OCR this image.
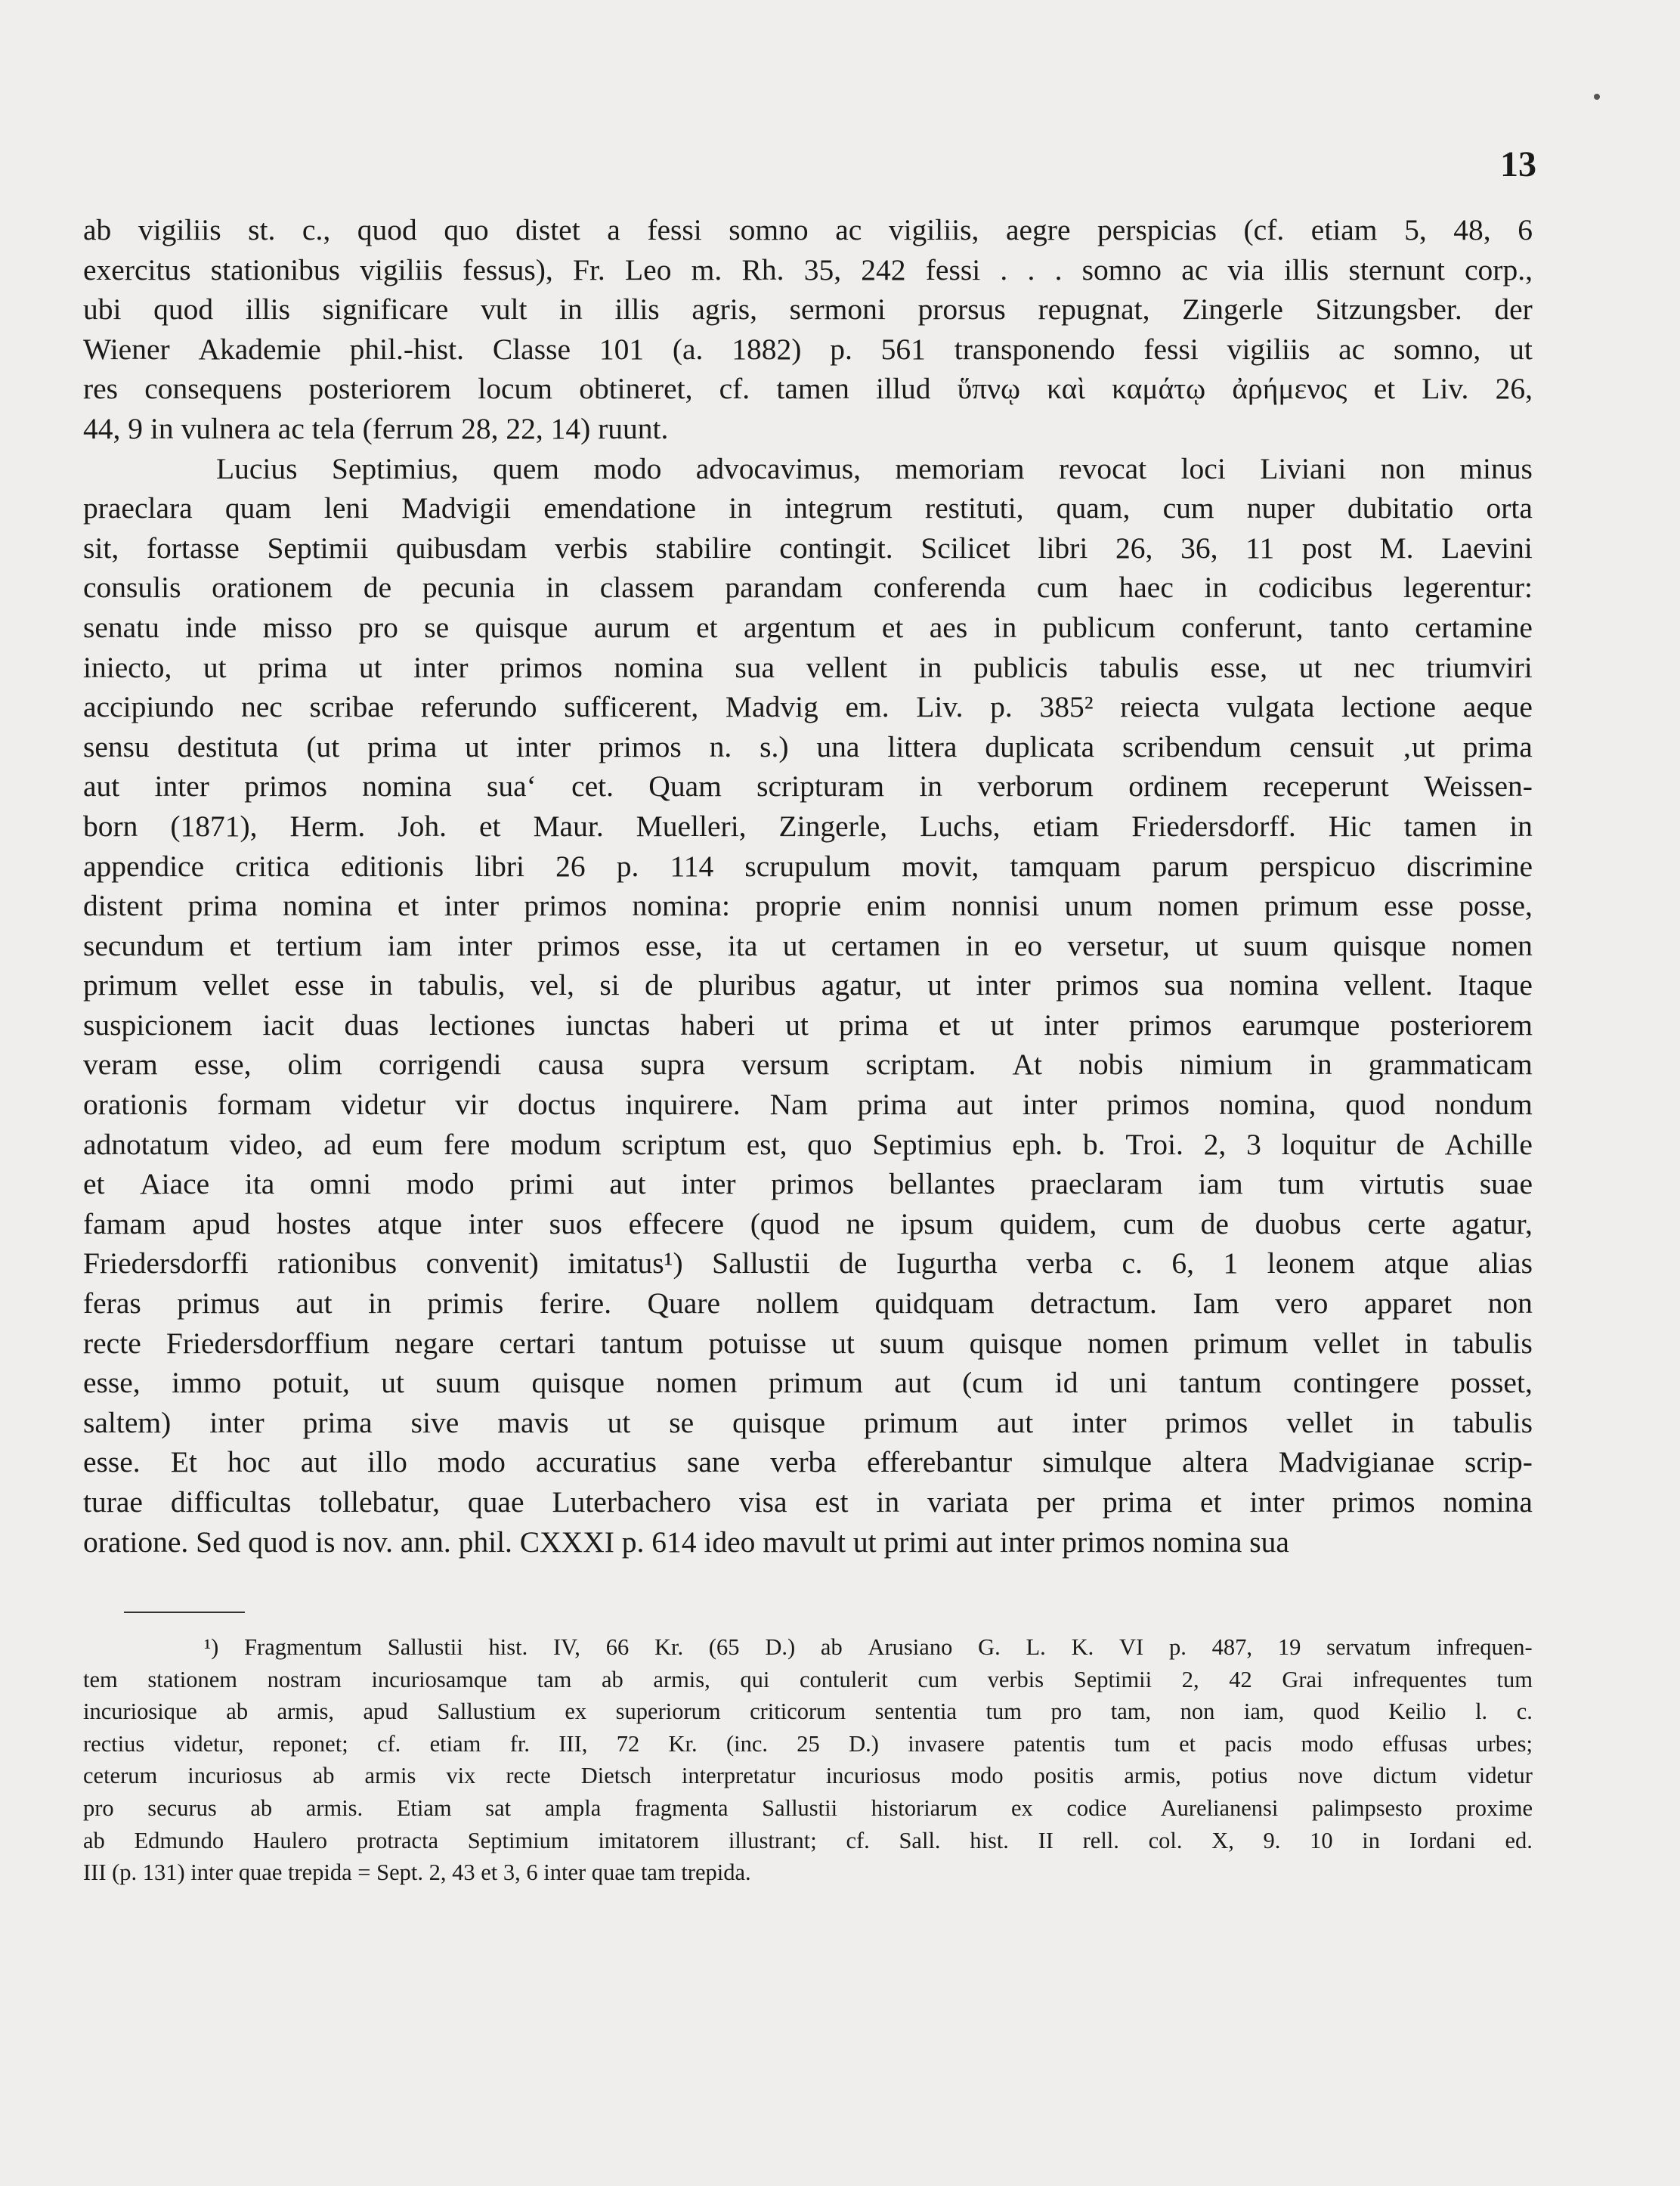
13
ab vigiliis st. c., quod quo distet a fessi somno ac vigiliis, aegre perspicias (cf. etiam 5, 48, 6
exercitus stationibus vigiliis fessus), Fr. Leo m. Rh. 35, 242 fessi . . . somno ac via illis sternunt corp.,
ubi quod illis significare vult in illis agris, sermoni prorsus repugnat, Zingerle Sitzungsber. der
Wiener Akademie phil.-hist. Classe 101 (a. 1882) p. 561 transponendo fessi vigiliis ac somno, ut
res consequens posteriorem locum obtineret, cf. tamen illud ὕπνῳ καὶ καμάτῳ ἀρήμενος et Liv. 26,
44, 9 in vulnera ac tela (ferrum 28, 22, 14) ruunt.
Lucius Septimius, quem modo advocavimus, memoriam revocat loci Liviani non minus
praeclara quam leni Madvigii emendatione in integrum restituti, quam, cum nuper dubitatio orta
sit, fortasse Septimii quibusdam verbis stabilire contingit. Scilicet libri 26, 36, 11 post M. Laevini
consulis orationem de pecunia in classem parandam conferenda cum haec in codicibus legerentur:
senatu inde misso pro se quisque aurum et argentum et aes in publicum conferunt, tanto certamine
iniecto, ut prima ut inter primos nomina sua vellent in publicis tabulis esse, ut nec triumviri
accipiundo nec scribae referundo sufficerent, Madvig em. Liv. p. 385² reiecta vulgata lectione aeque
sensu destituta (ut prima ut inter primos n. s.) una littera duplicata scribendum censuit ‚ut prima
aut inter primos nomina sua‘ cet. Quam scripturam in verborum ordinem receperunt Weissen-
born (1871), Herm. Joh. et Maur. Muelleri, Zingerle, Luchs, etiam Friedersdorff. Hic tamen in
appendice critica editionis libri 26 p. 114 scrupulum movit, tamquam parum perspicuo discrimine
distent prima nomina et inter primos nomina: proprie enim nonnisi unum nomen primum esse posse,
secundum et tertium iam inter primos esse, ita ut certamen in eo versetur, ut suum quisque nomen
primum vellet esse in tabulis, vel, si de pluribus agatur, ut inter primos sua nomina vellent. Itaque
suspicionem iacit duas lectiones iunctas haberi ut prima et ut inter primos earumque posteriorem
veram esse, olim corrigendi causa supra versum scriptam. At nobis nimium in grammaticam
orationis formam videtur vir doctus inquirere. Nam prima aut inter primos nomina, quod nondum
adnotatum video, ad eum fere modum scriptum est, quo Septimius eph. b. Troi. 2, 3 loquitur de Achille
et Aiace ita omni modo primi aut inter primos bellantes praeclaram iam tum virtutis suae
famam apud hostes atque inter suos effecere (quod ne ipsum quidem, cum de duobus certe agatur,
Friedersdorffi rationibus convenit) imitatus¹) Sallustii de Iugurtha verba c. 6, 1 leonem atque alias
feras primus aut in primis ferire. Quare nollem quidquam detractum. Iam vero apparet non
recte Friedersdorffium negare certari tantum potuisse ut suum quisque nomen primum vellet in tabulis
esse, immo potuit, ut suum quisque nomen primum aut (cum id uni tantum contingere posset,
saltem) inter prima sive mavis ut se quisque primum aut inter primos vellet in tabulis
esse. Et hoc aut illo modo accuratius sane verba efferebantur simulque altera Madvigianae scrip-
turae difficultas tollebatur, quae Luterbachero visa est in variata per prima et inter primos nomina
oratione. Sed quod is nov. ann. phil. CXXXI p. 614 ideo mavult ut primi aut inter primos nomina sua
¹) Fragmentum Sallustii hist. IV, 66 Kr. (65 D.) ab Arusiano G. L. K. VI p. 487, 19 servatum infrequen-
tem stationem nostram incuriosamque tam ab armis, qui contulerit cum verbis Septimii 2, 42 Grai infrequentes tum
incuriosique ab armis, apud Sallustium ex superiorum criticorum sententia tum pro tam, non iam, quod Keilio l. c.
rectius videtur, reponet; cf. etiam fr. III, 72 Kr. (inc. 25 D.) invasere patentis tum et pacis modo effusas urbes;
ceterum incuriosus ab armis vix recte Dietsch interpretatur incuriosus modo positis armis, potius nove dictum videtur
pro securus ab armis. Etiam sat ampla fragmenta Sallustii historiarum ex codice Aurelianensi palimpsesto proxime
ab Edmundo Haulero protracta Septimium imitatorem illustrant; cf. Sall. hist. II rell. col. X, 9. 10 in Iordani ed.
III (p. 131) inter quae trepida = Sept. 2, 43 et 3, 6 inter quae tam trepida.
